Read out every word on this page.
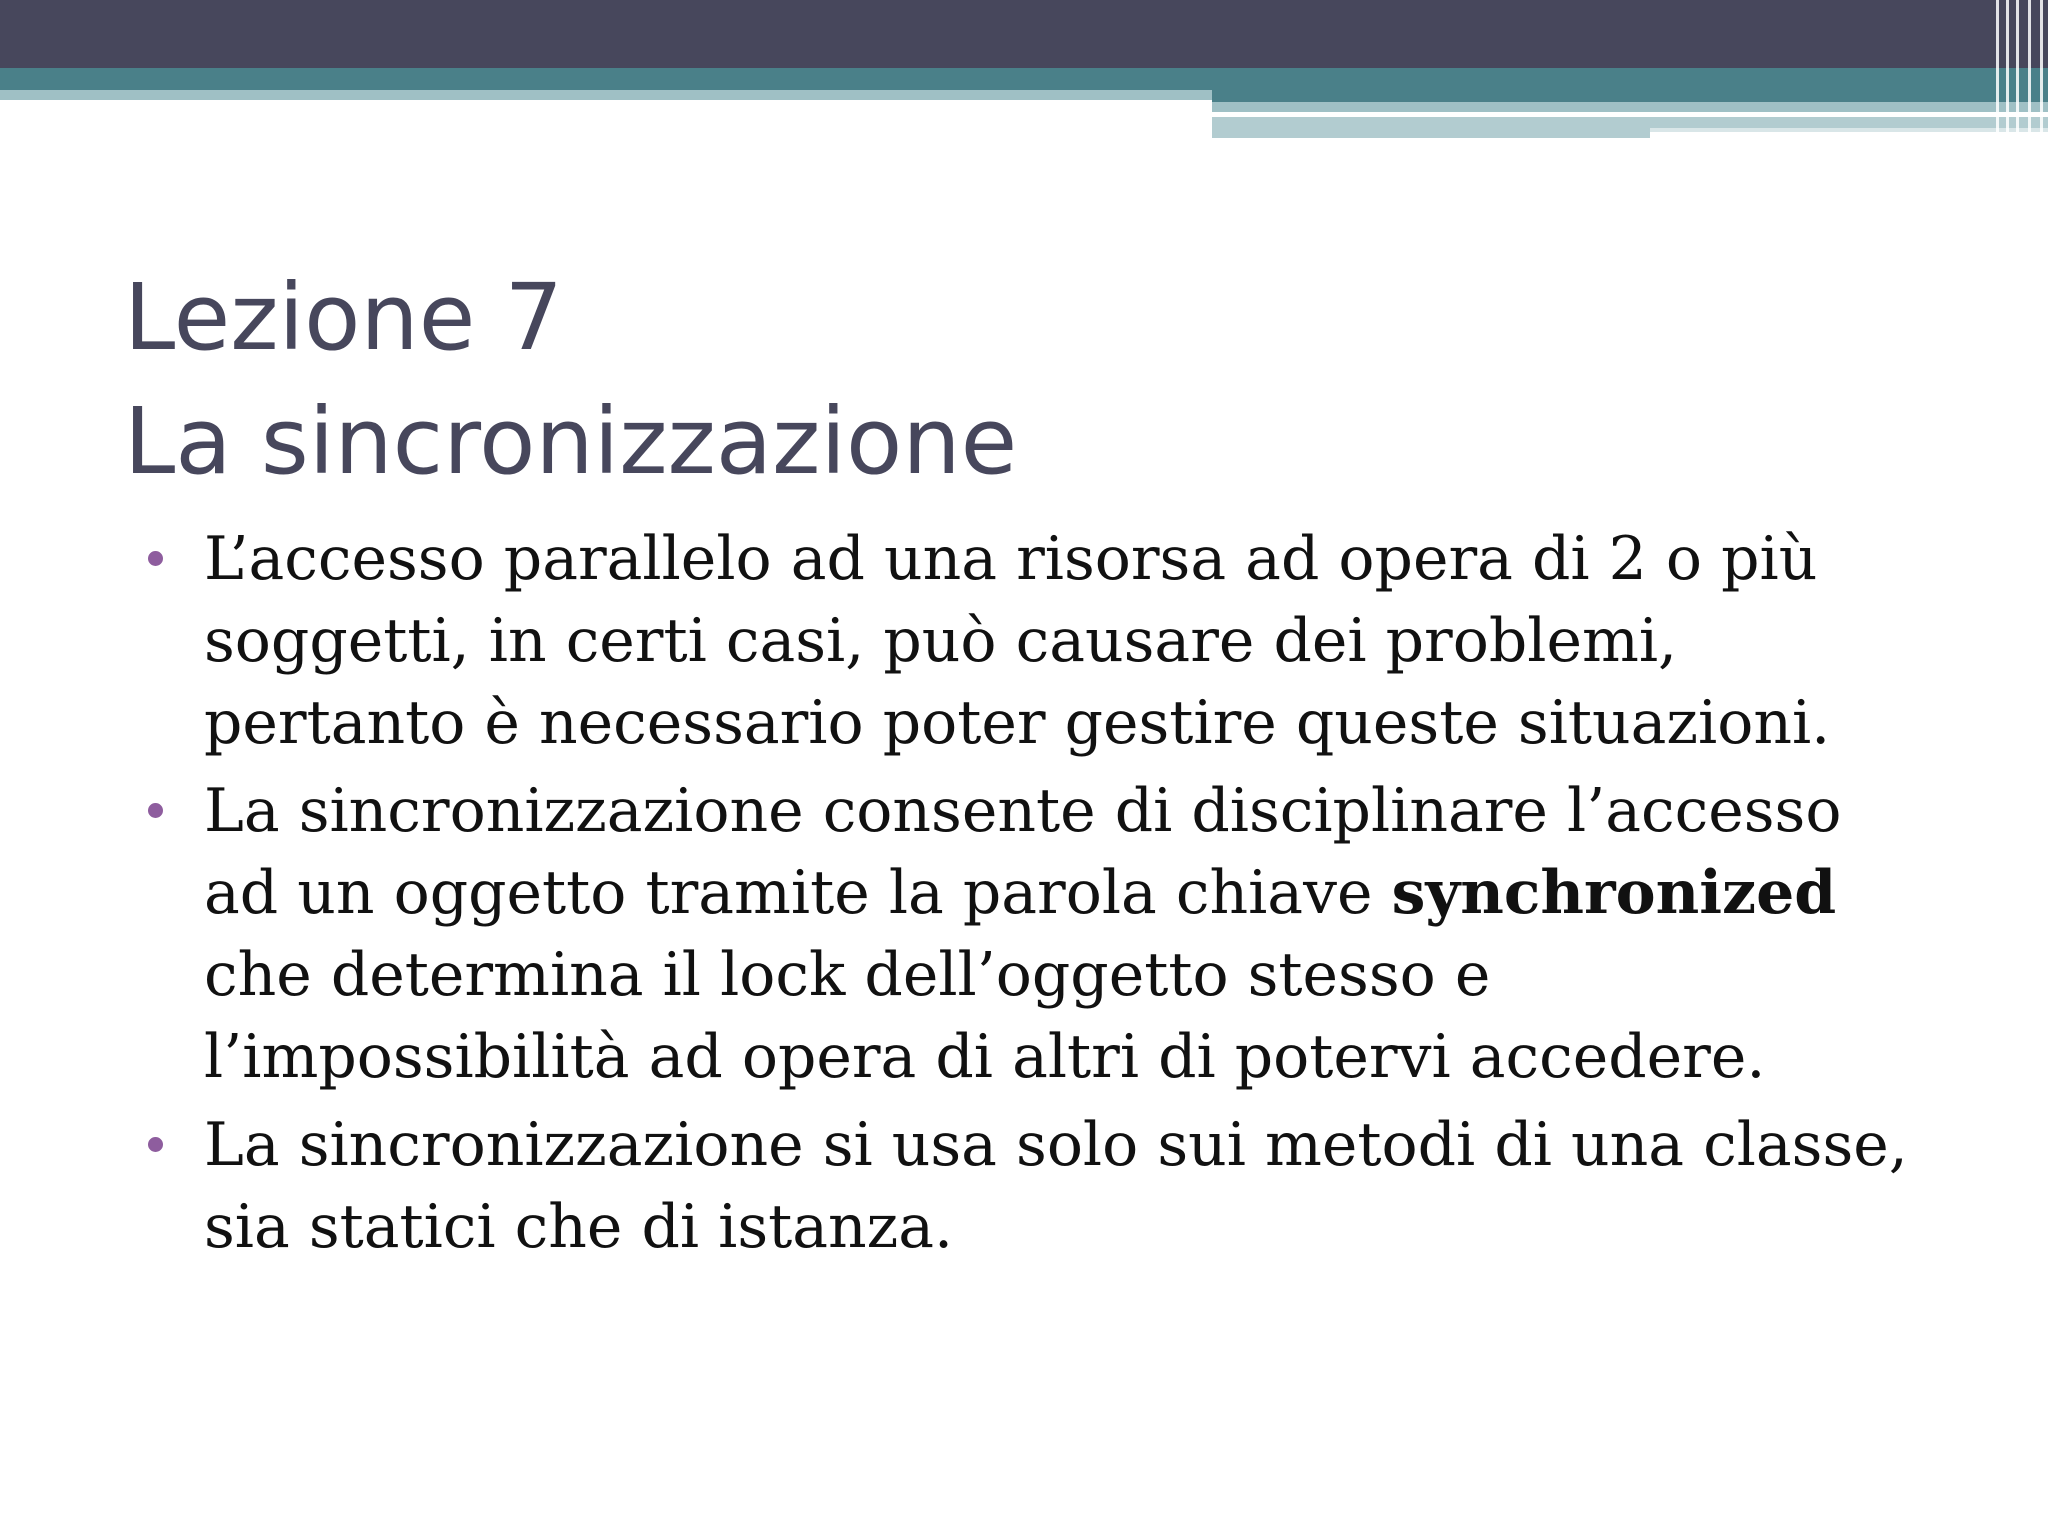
Lezione 7
La sincronizzazione
L’accesso parallelo ad una risorsa ad opera di 2 o più soggetti, in certi casi, può causare dei problemi, pertanto è necessario poter gestire queste situazioni.
La sincronizzazione consente di disciplinare l’accesso ad un oggetto tramite la parola chiave synchronized che determina il lock dell’oggetto stesso e l’impossibilità ad opera di altri di potervi accedere.
La sincronizzazione si usa solo sui metodi di una classe, sia statici che di istanza.
